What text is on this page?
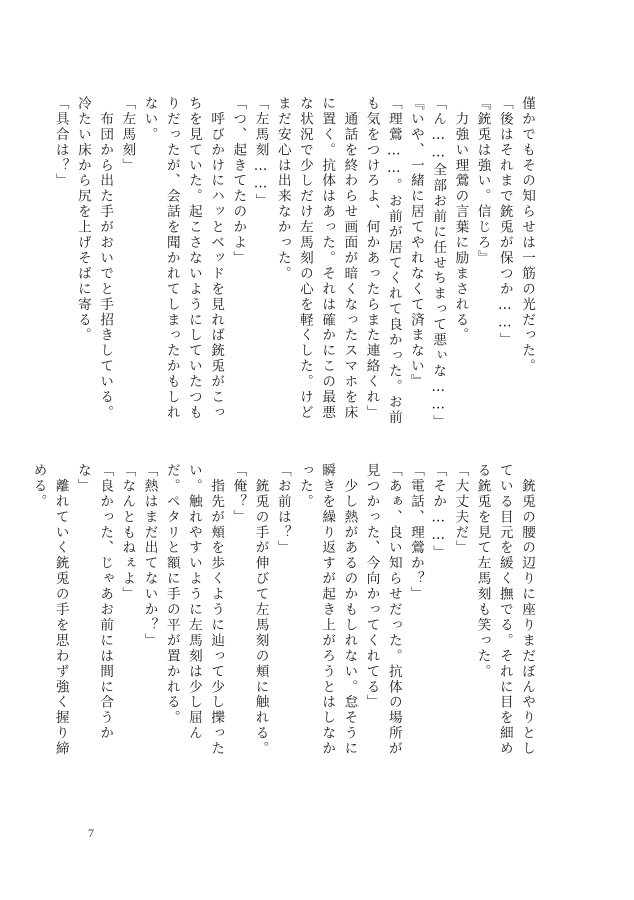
僅かでもその知らせは一筋の光だった。

「後はそれまで銃兎が保つか……」

『銃兎は強い。信じろ』

　力強い理鶯の言葉に励まされる。

「ん……全部お前に任せちまって悪ぃな……」

『いや、一緒に居てやれなくて済まない』

「理鶯……。お前が居てくれて良かった。お前も気をつけろよ、何かあったらまた連絡くれ」

　通話を終わらせ画面が暗くなったスマホを床に置く。抗体はあった。それは確かにこの最悪な状況で少しだけ左馬刻の心を軽くした。けどまだ安心は出来なかった。

「左馬刻……」

「つ、起きてたのかよ」

　呼びかけにハッとベッドを見れば銃兎がこっちを見ていた。起こさないようにしていたつもりだったが、会話を聞かれてしまったかもしれない。

「左馬刻」

　布団から出た手がおいでと手招きしている。冷たい床から尻を上げそばに寄る。

「具合は？」

　銃兎の腰の辺りに座りまだぼんやりとしている目元を緩く撫でる。それに目を細める銃兎を見て左馬刻も笑った。

「大丈夫だ」

「そか……」

「電話、理鶯か？」

「あぁ、良い知らせだった。抗体の場所が見つかった、今向かってくれてる」

　少し熱があるのかもしれない。怠そうに瞬きを繰り返すが起き上がろうとはしなかった。

「お前は？」

　銃兎の手が伸びて左馬刻の頬に触れる。

「俺？」

　指先が頬を歩くように辿って少し擽ったい。触れやすいように左馬刻は少し屈んだ。ペタリと額に手の平が置かれる。

「熱はまだ出てないか？」

「なんともねぇよ」

「良かった、じゃあお前には間に合うかな」

　離れていく銃兎の手を思わず強く握り締める。

7
